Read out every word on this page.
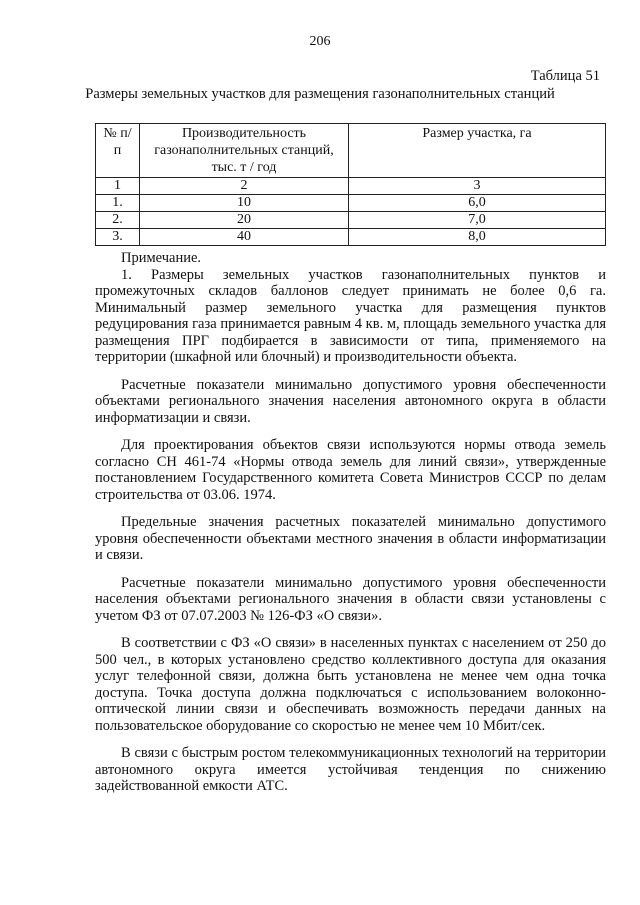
206
Таблица 51
Размеры земельных участков для размещения газонаполнительных станций
№ п/п	Производительность газонаполнительных станций, тыс. т / год	Размер участка, га
1	2	3
1.	10	6,0
2.	20	7,0
3.	40	8,0

Примечание.

1. Размеры земельных участков газонаполнительных пунктов и промежуточных складов баллонов следует принимать не более 0,6 га. Минимальный размер земельного участка для размещения пунктов редуцирования газа принимается равным 4 кв. м, площадь земельного участка для размещения ПРГ подбирается в зависимости от типа, применяемого на территории (шкафной или блочный) и производительности объекта.

Расчетные показатели минимально допустимого уровня обеспеченности объектами регионального значения населения автономного округа в области информатизации и связи.

Для проектирования объектов связи используются нормы отвода земель согласно СН 461-74 «Нормы отвода земель для линий связи», утвержденные постановлением Государственного комитета Совета Министров СССР по делам строительства от 03.06. 1974.

Предельные значения расчетных показателей минимально допустимого уровня обеспеченности объектами местного значения в области информатизации и связи.

Расчетные показатели минимально допустимого уровня обеспеченности населения объектами регионального значения в области связи установлены с учетом ФЗ от 07.07.2003 № 126-ФЗ «О связи».

В соответствии с ФЗ «О связи» в населенных пунктах с населением от 250 до 500 чел., в которых установлено средство коллективного доступа для оказания услуг телефонной связи, должна быть установлена не менее чем одна точка доступа. Точка доступа должна подключаться с использованием волоконно-оптической линии связи и обеспечивать возможность передачи данных на пользовательское оборудование со скоростью не менее чем 10 Мбит/сек.

В связи с быстрым ростом телекоммуникационных технологий на территории автономного округа имеется устойчивая тенденция по снижению задействованной емкости АТС.
